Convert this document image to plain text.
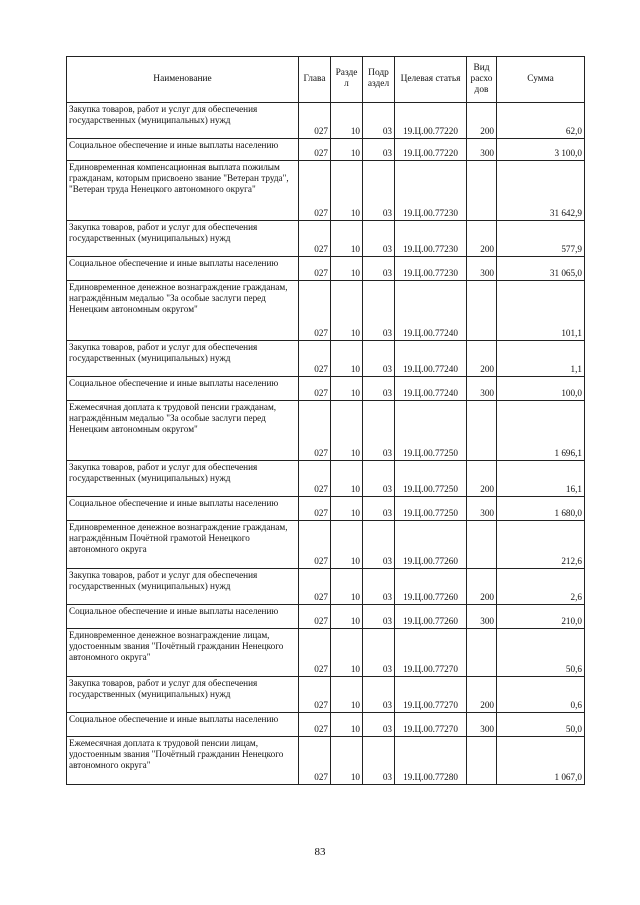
Наименование	Глава	Разде л	Подр аздел	Целевая статья	Вид расхо дов	Сумма
Закупка товаров, работ и услуг для обеспечения государственных (муниципальных) нужд	027	10	03	19.Ц.00.77220	200	62,0
Социальное обеспечение и иные выплаты населению	027	10	03	19.Ц.00.77220	300	3 100,0
Единовременная компенсационная выплата пожилым гражданам, которым присвоено звание "Ветеран труда", "Ветеран труда Ненецкого автономного округа"	027	10	03	19.Ц.00.77230		31 642,9
Закупка товаров, работ и услуг для обеспечения государственных (муниципальных) нужд	027	10	03	19.Ц.00.77230	200	577,9
Социальное обеспечение и иные выплаты населению	027	10	03	19.Ц.00.77230	300	31 065,0
Единовременное денежное вознаграждение гражданам, награждённым медалью "За особые заслуги перед Ненецким автономным округом"	027	10	03	19.Ц.00.77240		101,1
Закупка товаров, работ и услуг для обеспечения государственных (муниципальных) нужд	027	10	03	19.Ц.00.77240	200	1,1
Социальное обеспечение и иные выплаты населению	027	10	03	19.Ц.00.77240	300	100,0
Ежемесячная доплата к трудовой пенсии гражданам, награждённым медалью "За особые заслуги перед Ненецким автономным округом"	027	10	03	19.Ц.00.77250		1 696,1
Закупка товаров, работ и услуг для обеспечения государственных (муниципальных) нужд	027	10	03	19.Ц.00.77250	200	16,1
Социальное обеспечение и иные выплаты населению	027	10	03	19.Ц.00.77250	300	1 680,0
Единовременное денежное вознаграждение гражданам, награждённым Почётной грамотой Ненецкого автономного округа	027	10	03	19.Ц.00.77260		212,6
Закупка товаров, работ и услуг для обеспечения государственных (муниципальных) нужд	027	10	03	19.Ц.00.77260	200	2,6
Социальное обеспечение и иные выплаты населению	027	10	03	19.Ц.00.77260	300	210,0
Единовременное денежное вознаграждение лицам, удостоенным звания "Почётный гражданин Ненецкого автономного округа"	027	10	03	19.Ц.00.77270		50,6
Закупка товаров, работ и услуг для обеспечения государственных (муниципальных) нужд	027	10	03	19.Ц.00.77270	200	0,6
Социальное обеспечение и иные выплаты населению	027	10	03	19.Ц.00.77270	300	50,0
Ежемесячная доплата к трудовой пенсии лицам, удостоенным звания "Почётный гражданин Ненецкого автономного округа"	027	10	03	19.Ц.00.77280		1 067,0
83
